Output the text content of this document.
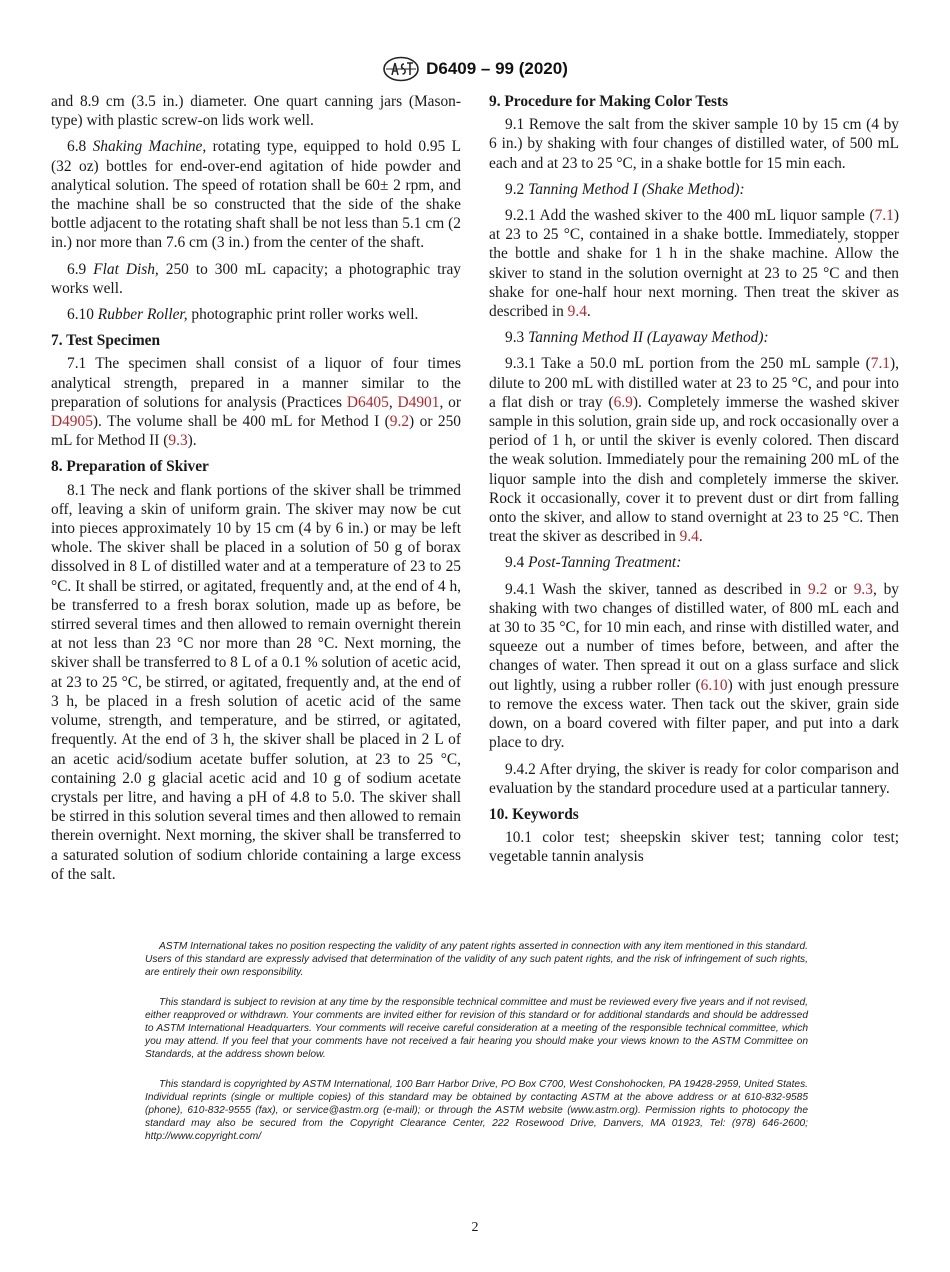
D6409 – 99 (2020)

and 8.9 cm (3.5 in.) diameter. One quart canning jars (Mason-type) with plastic screw-on lids work well.

6.8 Shaking Machine, rotating type, equipped to hold 0.95 L (32 oz) bottles for end-over-end agitation of hide powder and analytical solution. The speed of rotation shall be 60± 2 rpm, and the machine shall be so constructed that the side of the shake bottle adjacent to the rotating shaft shall be not less than 5.1 cm (2 in.) nor more than 7.6 cm (3 in.) from the center of the shaft.

6.9 Flat Dish, 250 to 300 mL capacity; a photographic tray works well.

6.10 Rubber Roller, photographic print roller works well.

7. Test Specimen

7.1 The specimen shall consist of a liquor of four times analytical strength, prepared in a manner similar to the preparation of solutions for analysis (Practices D6405, D4901, or D4905). The volume shall be 400 mL for Method I (9.2) or 250 mL for Method II (9.3).

8. Preparation of Skiver

8.1 The neck and flank portions of the skiver shall be trimmed off, leaving a skin of uniform grain. The skiver may now be cut into pieces approximately 10 by 15 cm (4 by 6 in.) or may be left whole. The skiver shall be placed in a solution of 50 g of borax dissolved in 8 L of distilled water and at a temperature of 23 to 25 °C. It shall be stirred, or agitated, frequently and, at the end of 4 h, be transferred to a fresh borax solution, made up as before, be stirred several times and then allowed to remain overnight therein at not less than 23 °C nor more than 28 °C. Next morning, the skiver shall be transferred to 8 L of a 0.1 % solution of acetic acid, at 23 to 25 °C, be stirred, or agitated, frequently and, at the end of 3 h, be placed in a fresh solution of acetic acid of the same volume, strength, and temperature, and be stirred, or agitated, frequently. At the end of 3 h, the skiver shall be placed in 2 L of an acetic acid/sodium acetate buffer solution, at 23 to 25 °C, containing 2.0 g glacial acetic acid and 10 g of sodium acetate crystals per litre, and having a pH of 4.8 to 5.0. The skiver shall be stirred in this solution several times and then allowed to remain therein overnight. Next morning, the skiver shall be transferred to a saturated solution of sodium chloride containing a large excess of the salt.

9. Procedure for Making Color Tests

9.1 Remove the salt from the skiver sample 10 by 15 cm (4 by 6 in.) by shaking with four changes of distilled water, of 500 mL each and at 23 to 25 °C, in a shake bottle for 15 min each.

9.2 Tanning Method I (Shake Method):

9.2.1 Add the washed skiver to the 400 mL liquor sample (7.1) at 23 to 25 °C, contained in a shake bottle. Immediately, stopper the bottle and shake for 1 h in the shake machine. Allow the skiver to stand in the solution overnight at 23 to 25 °C and then shake for one-half hour next morning. Then treat the skiver as described in 9.4.

9.3 Tanning Method II (Layaway Method):

9.3.1 Take a 50.0 mL portion from the 250 mL sample (7.1), dilute to 200 mL with distilled water at 23 to 25 °C, and pour into a flat dish or tray (6.9). Completely immerse the washed skiver sample in this solution, grain side up, and rock occasionally over a period of 1 h, or until the skiver is evenly colored. Then discard the weak solution. Immediately pour the remaining 200 mL of the liquor sample into the dish and completely immerse the skiver. Rock it occasionally, cover it to prevent dust or dirt from falling onto the skiver, and allow to stand overnight at 23 to 25 °C. Then treat the skiver as described in 9.4.

9.4 Post-Tanning Treatment:

9.4.1 Wash the skiver, tanned as described in 9.2 or 9.3, by shaking with two changes of distilled water, of 800 mL each and at 30 to 35 °C, for 10 min each, and rinse with distilled water, and squeeze out a number of times before, between, and after the changes of water. Then spread it out on a glass surface and slick out lightly, using a rubber roller (6.10) with just enough pressure to remove the excess water. Then tack out the skiver, grain side down, on a board covered with filter paper, and put into a dark place to dry.

9.4.2 After drying, the skiver is ready for color comparison and evaluation by the standard procedure used at a particular tannery.

10. Keywords

10.1 color test; sheepskin skiver test; tanning color test; vegetable tannin analysis

ASTM International takes no position respecting the validity of any patent rights asserted in connection with any item mentioned in this standard. Users of this standard are expressly advised that determination of the validity of any such patent rights, and the risk of infringement of such rights, are entirely their own responsibility.

This standard is subject to revision at any time by the responsible technical committee and must be reviewed every five years and if not revised, either reapproved or withdrawn. Your comments are invited either for revision of this standard or for additional standards and should be addressed to ASTM International Headquarters. Your comments will receive careful consideration at a meeting of the responsible technical committee, which you may attend. If you feel that your comments have not received a fair hearing you should make your views known to the ASTM Committee on Standards, at the address shown below.

This standard is copyrighted by ASTM International, 100 Barr Harbor Drive, PO Box C700, West Conshohocken, PA 19428-2959, United States. Individual reprints (single or multiple copies) of this standard may be obtained by contacting ASTM at the above address or at 610-832-9585 (phone), 610-832-9555 (fax), or service@astm.org (e-mail); or through the ASTM website (www.astm.org). Permission rights to photocopy the standard may also be secured from the Copyright Clearance Center, 222 Rosewood Drive, Danvers, MA 01923, Tel: (978) 646-2600; http://www.copyright.com/

2
